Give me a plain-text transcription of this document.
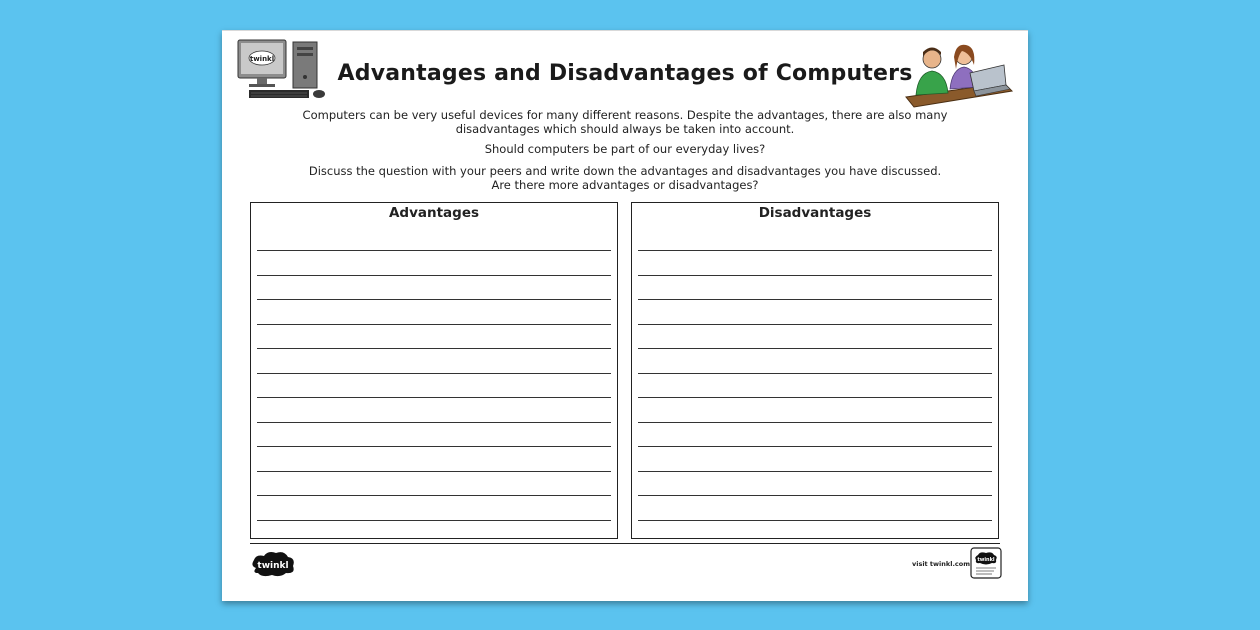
twinkl
Advantages and Disadvantages of Computers
Computers can be very useful devices for many different reasons. Despite the advantages, there are also many disadvantages which should always be taken into account.
Should computers be part of our everyday lives?
Discuss the question with your peers and write down the advantages and disadvantages you have discussed.
Are there more advantages or disadvantages?
Advantages	Disadvantages
twinkl	visit twinkl.com twinkl
